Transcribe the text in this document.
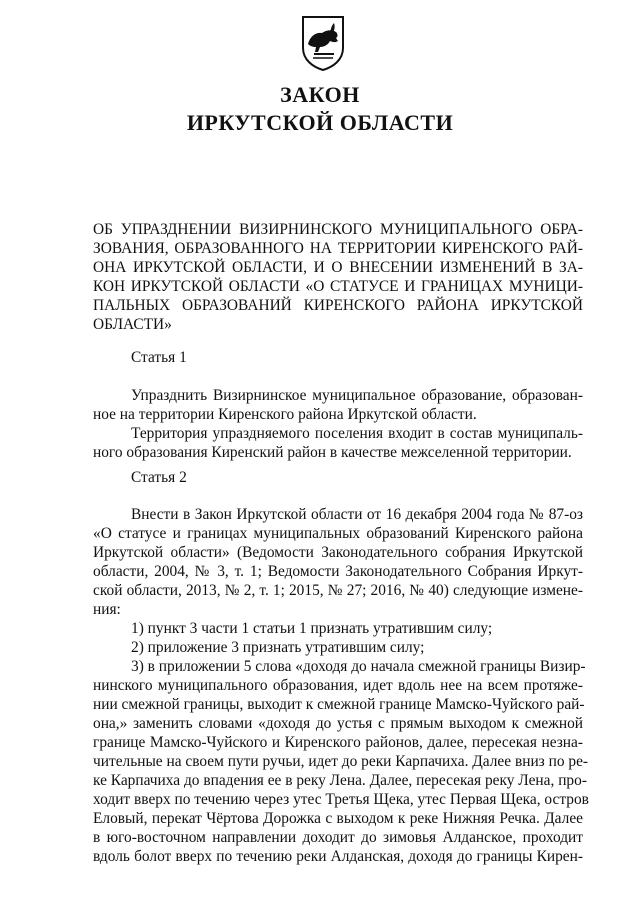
ЗАКОН
ИРКУТСКОЙ ОБЛАСТИ
ОБ УПРАЗДНЕНИИ ВИЗИРНИНСКОГО МУНИЦИПАЛЬНОГО ОБРА-
ЗОВАНИЯ, ОБРАЗОВАННОГО НА ТЕРРИТОРИИ КИРЕНСКОГО РАЙ-
ОНА ИРКУТСКОЙ ОБЛАСТИ, И О ВНЕСЕНИИ ИЗМЕНЕНИЙ В ЗА-
КОН ИРКУТСКОЙ ОБЛАСТИ «О СТАТУСЕ И ГРАНИЦАХ МУНИЦИ-
ПАЛЬНЫХ ОБРАЗОВАНИЙ КИРЕНСКОГО РАЙОНА ИРКУТСКОЙ
ОБЛАСТИ»

Статья 1

Упразднить Визирнинское муниципальное образование, образован-
ное на территории Киренского района Иркутской области.
Территория упраздняемого поселения входит в состав муниципаль-
ного образования Киренский район в качестве межселенной территории.

Статья 2

Внести в Закон Иркутской области от 16 декабря 2004 года № 87-оз
«О статусе и границах муниципальных образований Киренского района
Иркутской области» (Ведомости Законодательного собрания Иркутской
области, 2004, № 3, т. 1; Ведомости Законодательного Собрания Иркут-
ской области, 2013, № 2, т. 1; 2015, № 27; 2016, № 40) следующие измене-
ния:
1) пункт 3 части 1 статьи 1 признать утратившим силу;
2) приложение 3 признать утратившим силу;
3) в приложении 5 слова «доходя до начала смежной границы Визир-
нинского муниципального образования, идет вдоль нее на всем протяже-
нии смежной границы, выходит к смежной границе Мамско-Чуйского рай-
она,» заменить словами «доходя до устья с прямым выходом к смежной
границе Мамско-Чуйского и Киренского районов, далее, пересекая незна-
чительные на своем пути ручьи, идет до реки Карпачиха. Далее вниз по ре-
ке Карпачиха до впадения ее в реку Лена. Далее, пересекая реку Лена, про-
ходит вверх по течению через утес Третья Щека, утес Первая Щека, остров
Еловый, перекат Чёртова Дорожка с выходом к реке Нижняя Речка. Далее
в юго-восточном направлении доходит до зимовья Алданское, проходит
вдоль болот вверх по течению реки Алданская, доходя до границы Кирен-
